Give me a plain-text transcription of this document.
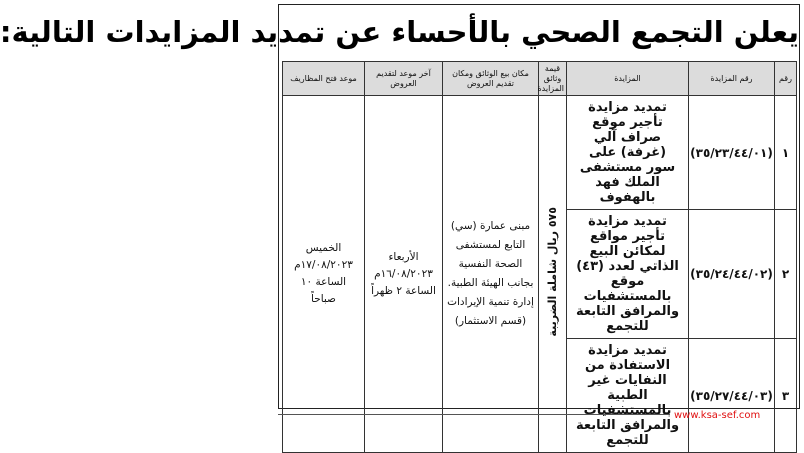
يعلن التجمع الصحي بالأحساء عن تمديد المزايدات التالية:
رقم	رقم المزايدة	المزايدة	قيمة وثائق المزايدة	مكان بيع الوثائق ومكان تقديم العروض	آخر موعد لتقديم العروض	موعد فتح المظاريف
١	(٣٥/٢٣/٤٤/٠١)	تمديد مزايدة تأجير موقع صراف آلي (غرفة) على سور مستشفى الملك فهد بالهفوف	٥٧٥ ريال شاملة الضريبة	مبنى عمارة (سي) التابع لمستشفى الصحة النفسية بجانب الهيئة الطبية. إدارة تنمية الإيرادات (قسم الاستثمار)	الأربعاء ١٦/٠٨/٢٠٢٣م الساعة ٢ ظهراً	الخميس ١٧/٠٨/٢٠٢٣م الساعة ١٠ صباحاً
٢	(٣٥/٢٤/٤٤/٠٢)	تمديد مزايدة تأجير مواقع لمكائن البيع الذاتي لعدد (٤٣) موقع بالمستشفيات والمرافق التابعة للتجمع				
٣	(٣٥/٢٧/٤٤/٠٣)	تمديد مزايدة الاستفادة من النفايات غير الطبية بالمستشفيات والمرافق التابعة للتجمع				
www.ksa-sef.com
